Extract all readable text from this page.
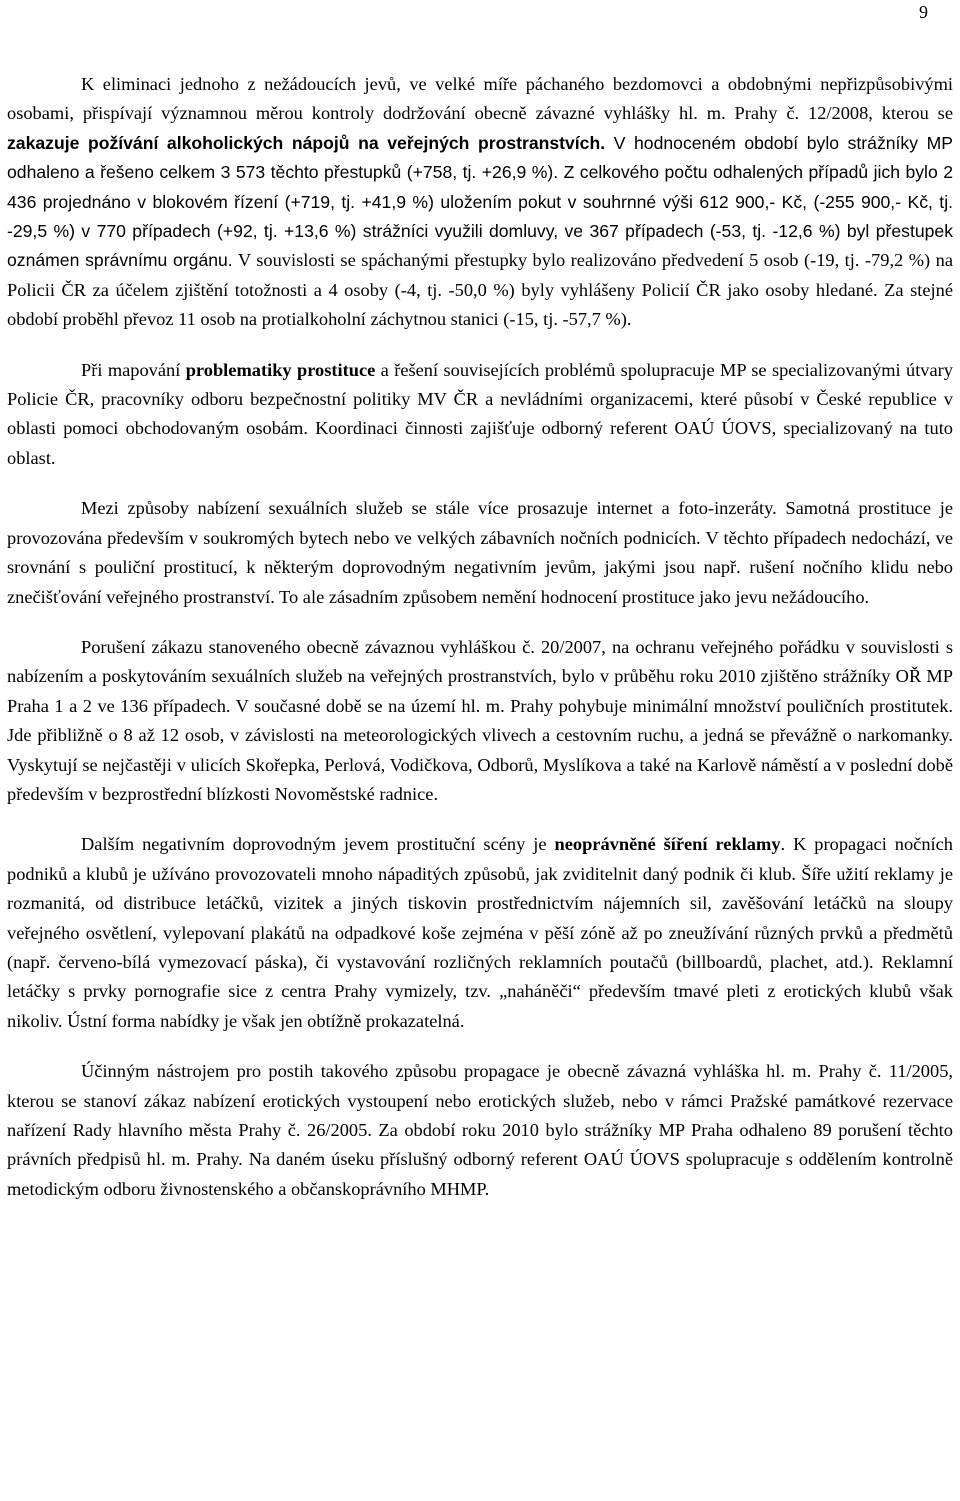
9

K eliminaci jednoho z nežádoucích jevů, ve velké míře páchaného bezdomovci a obdobnými nepřizpůsobivými osobami, přispívají významnou měrou kontroly dodržování obecně závazné vyhlášky hl. m. Prahy č. 12/2008, kterou se zakazuje požívání alkoholických nápojů na veřejných prostranstvích. V hodnoceném období bylo strážníky MP odhaleno a řešeno celkem 3 573 těchto přestupků (+758, tj. +26,9 %). Z celkového počtu odhalených případů jich bylo 2 436 projednáno v blokovém řízení (+719, tj. +41,9 %) uložením pokut v souhrnné výši 612 900,- Kč, (-255 900,- Kč, tj. -29,5 %) v 770 případech (+92, tj. +13,6 %) strážníci využili domluvy, ve 367 případech (-53, tj. -12,6 %) byl přestupek oznámen správnímu orgánu. V souvislosti se spáchanými přestupky bylo realizováno předvedení 5 osob (-19, tj. -79,2 %) na Policii ČR za účelem zjištění totožnosti a 4 osoby (-4, tj. -50,0 %) byly vyhlášeny Policií ČR jako osoby hledané. Za stejné období proběhl převoz 11 osob na protialkoholní záchytnou stanici (-15, tj. -57,7 %).

Při mapování problematiky prostituce a řešení souvisejících problémů spolupracuje MP se specializovanými útvary Policie ČR, pracovníky odboru bezpečnostní politiky MV ČR a nevládními organizacemi, které působí v České republice v oblasti pomoci obchodovaným osobám. Koordinaci činnosti zajišťuje odborný referent OAÚ ÚOVS, specializovaný na tuto oblast.

Mezi způsoby nabízení sexuálních služeb se stále více prosazuje internet a foto-inzeráty. Samotná prostituce je provozována především v soukromých bytech nebo ve velkých zábavních nočních podnicích. V těchto případech nedochází, ve srovnání s pouliční prostitucí, k některým doprovodným negativním jevům, jakými jsou např. rušení nočního klidu nebo znečišťování veřejného prostranství. To ale zásadním způsobem nemění hodnocení prostituce jako jevu nežádoucího.

Porušení zákazu stanoveného obecně závaznou vyhláškou č. 20/2007, na ochranu veřejného pořádku v souvislosti s nabízením a poskytováním sexuálních služeb na veřejných prostranstvích, bylo v průběhu roku 2010 zjištěno strážníky OŘ MP Praha 1 a 2 ve 136 případech. V současné době se na území hl. m. Prahy pohybuje minimální množství pouličních prostitutek. Jde přibližně o 8 až 12 osob, v závislosti na meteorologických vlivech a cestovním ruchu, a jedná se převážně o narkomanky. Vyskytují se nejčastěji v ulicích Skořepka, Perlová, Vodičkova, Odborů, Myslíkova a také na Karlově náměstí a v poslední době především v bezprostřední blízkosti Novoměstské radnice.

Dalším negativním doprovodným jevem prostituční scény je neoprávněné šíření reklamy. K propagaci nočních podniků a klubů je užíváno provozovateli mnoho nápaditých způsobů, jak zviditelnit daný podnik či klub. Šíře užití reklamy je rozmanitá, od distribuce letáčků, vizitek a jiných tiskovin prostřednictvím nájemních sil, zavěšování letáčků na sloupy veřejného osvětlení, vylepovaní plakátů na odpadkové koše zejména v pěší zóně až po zneužívání různých prvků a předmětů (např. červeno-bílá vymezovací páska), či vystavování rozličných reklamních poutačů (billboardů, plachet, atd.). Reklamní letáčky s prvky pornografie sice z centra Prahy vymizely, tzv. „naháněči“ především tmavé pleti z erotických klubů však nikoliv. Ústní forma nabídky je však jen obtížně prokazatelná.

Účinným nástrojem pro postih takového způsobu propagace je obecně závazná vyhláška hl. m. Prahy č. 11/2005, kterou se stanoví zákaz nabízení erotických vystoupení nebo erotických služeb, nebo v rámci Pražské památkové rezervace nařízení Rady hlavního města Prahy č. 26/2005. Za období roku 2010 bylo strážníky MP Praha odhaleno 89 porušení těchto právních předpisů hl. m. Prahy. Na daném úseku příslušný odborný referent OAÚ ÚOVS spolupracuje s oddělením kontrolně metodickým odboru živnostenského a občanskoprávního MHMP.
